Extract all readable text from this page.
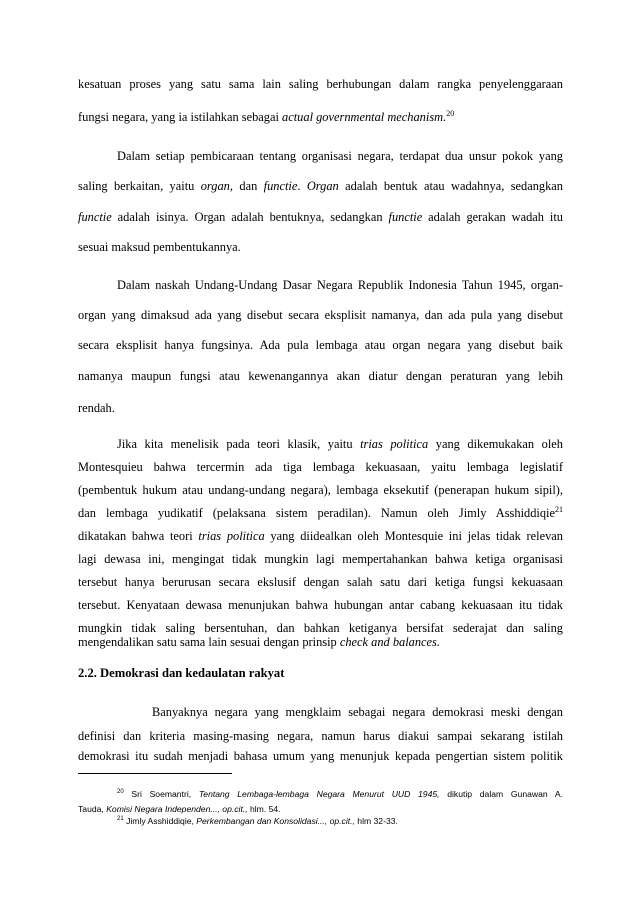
kesatuan proses yang satu sama lain saling berhubungan dalam rangka penyelenggaraan
fungsi negara, yang ia istilahkan sebagai actual governmental mechanism.$^{20}$
Dalam setiap pembicaraan tentang organisasi negara, terdapat dua unsur pokok yang
saling berkaitan, yaitu organ, dan functie. Organ adalah bentuk atau wadahnya, sedangkan
functie adalah isinya. Organ adalah bentuknya, sedangkan functie adalah gerakan wadah itu
sesuai maksud pembentukannya.
Dalam naskah Undang-Undang Dasar Negara Republik Indonesia Tahun 1945, organ-
organ yang dimaksud ada yang disebut secara eksplisit namanya, dan ada pula yang disebut
secara eksplisit hanya fungsinya. Ada pula lembaga atau organ negara yang disebut baik
namanya maupun fungsi atau kewenangannya akan diatur dengan peraturan yang lebih
rendah.
Jika kita menelisik pada teori klasik, yaitu trias politica yang dikemukakan oleh
Montesquieu bahwa tercermin ada tiga lembaga kekuasaan, yaitu lembaga legislatif
(pembentuk hukum atau undang-undang negara), lembaga eksekutif (penerapan hukum sipil),
dan lembaga yudikatif (pelaksana sistem peradilan). Namun oleh Jimly Asshiddiqie$^{21}$
dikatakan bahwa teori trias politica yang diidealkan oleh Montesquie ini jelas tidak relevan
lagi dewasa ini, mengingat tidak mungkin lagi mempertahankan bahwa ketiga organisasi
tersebut hanya berurusan secara ekslusif dengan salah satu dari ketiga fungsi kekuasaan
tersebut. Kenyataan dewasa menunjukan bahwa hubungan antar cabang kekuasaan itu tidak
mungkin tidak saling bersentuhan, dan bahkan ketiganya bersifat sederajat dan saling
mengendalikan satu sama lain sesuai dengan prinsip check and balances.
2.2. Demokrasi dan kedaulatan rakyat
Banyaknya negara yang mengklaim sebagai negara demokrasi meski dengan
definisi dan kriteria masing-masing negara, namun harus diakui sampai sekarang istilah
demokrasi itu sudah menjadi bahasa umum yang menunjuk kepada pengertian sistem politik
$^{20}$ Sri Soemantri, Tentang Lembaga-lembaga Negara Menurut UUD 1945, dikutip dalam Gunawan A.
Tauda, Komisi Negara Independen..., op.cit., hlm. 54.
$^{21}$ Jimly Asshiddiqie, Perkembangan dan Konsolidasi..., op.cit., hlm 32-33.
